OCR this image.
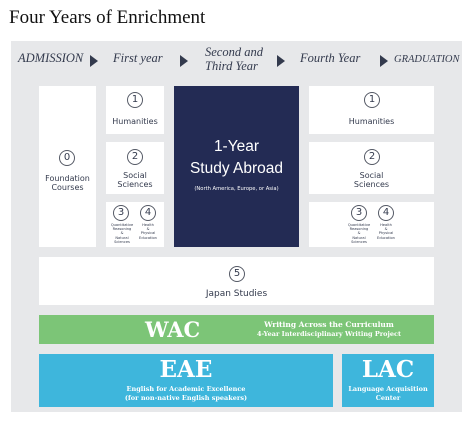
Four Years of Enrichment
ADMISSION First year	Second and
Third Year
Fourth Year	GRADUATION
0
Foundation
Courses
1
Humanities
2
Social
Sciences
3	4
Quantitative
Reasoning
&
Natural
Sciences
Health
&
Physical
Education
1-Year
Study Abroad
(North America, Europe, or Asia)
1
Humanities
2
Social
Sciences
3	4
Quantitative
Reasoning
&
Natural
Sciences
Health
&
Physical
Education
5
Japan Studies
WAC	Writing Across the Curriculum
4-Year Interdisciplinary Writing Project
EAE
English for Academic Excellence
(for non-native English speakers)
LAC
Language Acquisition
Center
